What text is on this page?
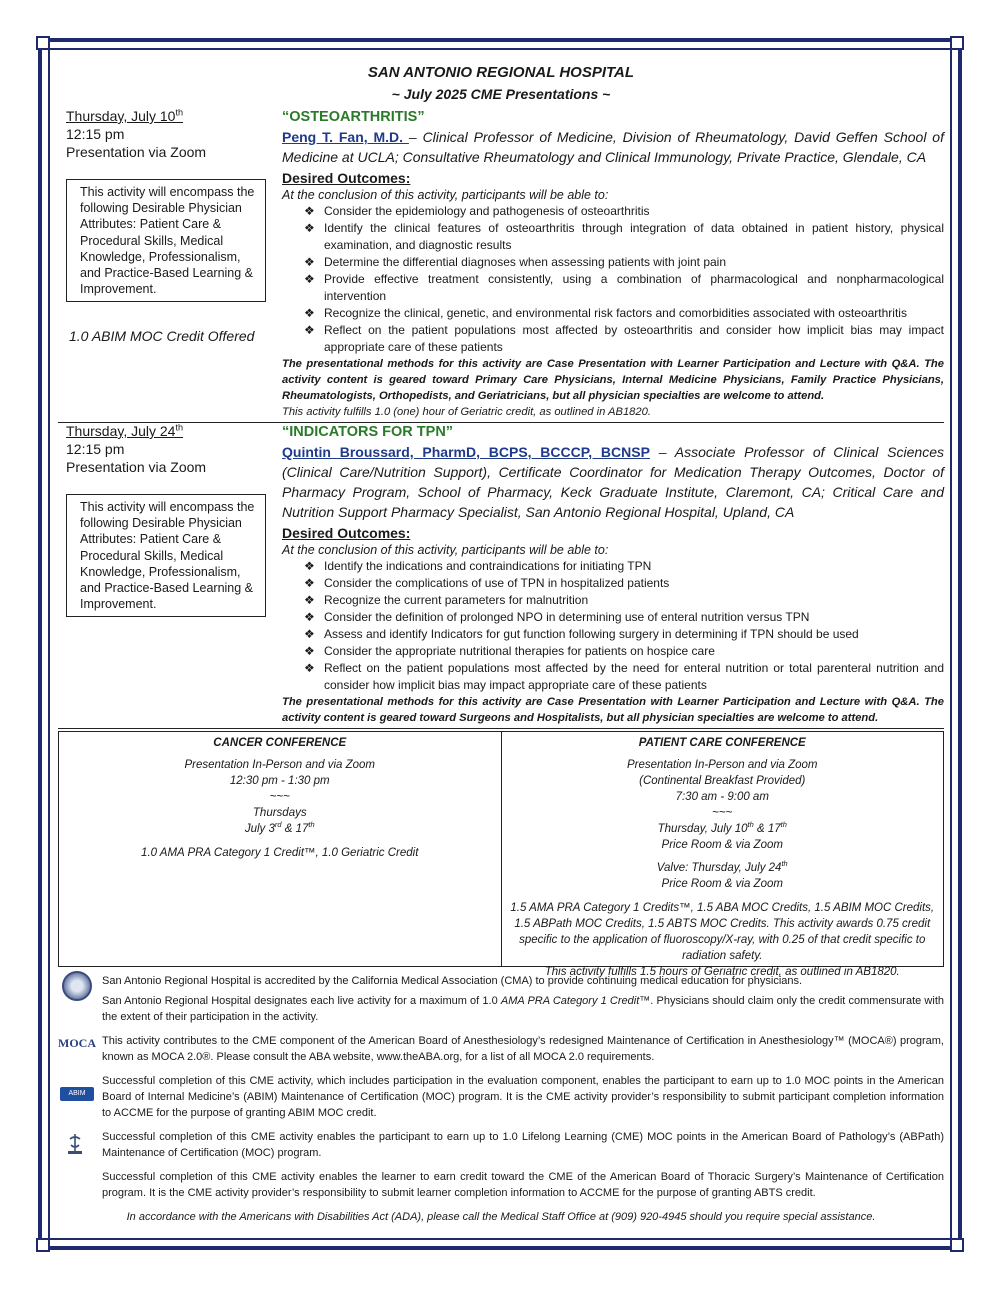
SAN ANTONIO REGIONAL HOSPITAL
~ July 2025 CME Presentations ~
Thursday, July 10th
12:15 pm
Presentation via Zoom
This activity will encompass the following Desirable Physician Attributes: Patient Care & Procedural Skills, Medical Knowledge, Professionalism, and Practice-Based Learning & Improvement.
1.0 ABIM MOC Credit Offered
“OSTEOARTHRITIS”
Peng T. Fan, M.D. – Clinical Professor of Medicine, Division of Rheumatology, David Geffen School of Medicine at UCLA; Consultative Rheumatology and Clinical Immunology, Private Practice, Glendale, CA
Desired Outcomes:
At the conclusion of this activity, participants will be able to:
❖ Consider the epidemiology and pathogenesis of osteoarthritis
❖ Identify the clinical features of osteoarthritis through integration of data obtained in patient history, physical examination, and diagnostic results
❖ Determine the differential diagnoses when assessing patients with joint pain
❖ Provide effective treatment consistently, using a combination of pharmacological and nonpharmacological intervention
❖ Recognize the clinical, genetic, and environmental risk factors and comorbidities associated with osteoarthritis
❖ Reflect on the patient populations most affected by osteoarthritis and consider how implicit bias may impact appropriate care of these patients
The presentational methods for this activity are Case Presentation with Learner Participation and Lecture with Q&A. The activity content is geared toward Primary Care Physicians, Internal Medicine Physicians, Family Practice Physicians, Rheumatologists, Orthopedists, and Geriatricians, but all physician specialties are welcome to attend.
This activity fulfills 1.0 (one) hour of Geriatric credit, as outlined in AB1820.
Thursday, July 24th
12:15 pm
Presentation via Zoom
This activity will encompass the following Desirable Physician Attributes: Patient Care & Procedural Skills, Medical Knowledge, Professionalism, and Practice-Based Learning & Improvement.
“INDICATORS FOR TPN”
Quintin Broussard, PharmD, BCPS, BCCCP, BCNSP – Associate Professor of Clinical Sciences (Clinical Care/Nutrition Support), Certificate Coordinator for Medication Therapy Outcomes, Doctor of Pharmacy Program, School of Pharmacy, Keck Graduate Institute, Claremont, CA; Critical Care and Nutrition Support Pharmacy Specialist, San Antonio Regional Hospital, Upland, CA
Desired Outcomes:
At the conclusion of this activity, participants will be able to:
❖ Identify the indications and contraindications for initiating TPN
❖ Consider the complications of use of TPN in hospitalized patients
❖ Recognize the current parameters for malnutrition
❖ Consider the definition of prolonged NPO in determining use of enteral nutrition versus TPN
❖ Assess and identify Indicators for gut function following surgery in determining if TPN should be used
❖ Consider the appropriate nutritional therapies for patients on hospice care
❖ Reflect on the patient populations most affected by the need for enteral nutrition or total parenteral nutrition and consider how implicit bias may impact appropriate care of these patients
The presentational methods for this activity are Case Presentation with Learner Participation and Lecture with Q&A. The activity content is geared toward Surgeons and Hospitalists, but all physician specialties are welcome to attend.
CANCER CONFERENCE
Presentation In-Person and via Zoom
12:30 pm - 1:30 pm
~~~
Thursdays
July 3rd & 17th
1.0 AMA PRA Category 1 Credit™, 1.0 Geriatric Credit
PATIENT CARE CONFERENCE
Presentation In-Person and via Zoom
(Continental Breakfast Provided)
7:30 am - 9:00 am
~~~
Thursday, July 10th & 17th
Price Room & via Zoom
Valve: Thursday, July 24th
Price Room & via Zoom
1.5 AMA PRA Category 1 Credits™, 1.5 ABA MOC Credits, 1.5 ABIM MOC Credits, 1.5 ABPath MOC Credits, 1.5 ABTS MOC Credits. This activity awards 0.75 credit specific to the application of fluoroscopy/X-ray, with 0.25 of that credit specific to radiation safety.
This activity fulfills 1.5 hours of Geriatric credit, as outlined in AB1820.
San Antonio Regional Hospital is accredited by the California Medical Association (CMA) to provide continuing medical education for physicians.
San Antonio Regional Hospital designates each live activity for a maximum of 1.0 AMA PRA Category 1 Credit™. Physicians should claim only the credit commensurate with the extent of their participation in the activity.
MOCA This activity contributes to the CME component of the American Board of Anesthesiology’s redesigned Maintenance of Certification in Anesthesiology™ (MOCA®) program, known as MOCA 2.0®. Please consult the ABA website, www.theABA.org, for a list of all MOCA 2.0 requirements.
ABIM MOC
Successful completion of this CME activity, which includes participation in the evaluation component, enables the participant to earn up to 1.0 MOC points in the American Board of Internal Medicine’s (ABIM) Maintenance of Certification (MOC) program. It is the CME activity provider’s responsibility to submit participant completion information to ACCME for the purpose of granting ABIM MOC credit.
Successful completion of this CME activity enables the participant to earn up to 1.0 Lifelong Learning (CME) MOC points in the American Board of Pathology’s (ABPath) Maintenance of Certification (MOC) program.
Successful completion of this CME activity enables the learner to earn credit toward the CME of the American Board of Thoracic Surgery’s Maintenance of Certification program. It is the CME activity provider’s responsibility to submit learner completion information to ACCME for the purpose of granting ABTS credit.
In accordance with the Americans with Disabilities Act (ADA), please call the Medical Staff Office at (909) 920-4945 should you require special assistance.
